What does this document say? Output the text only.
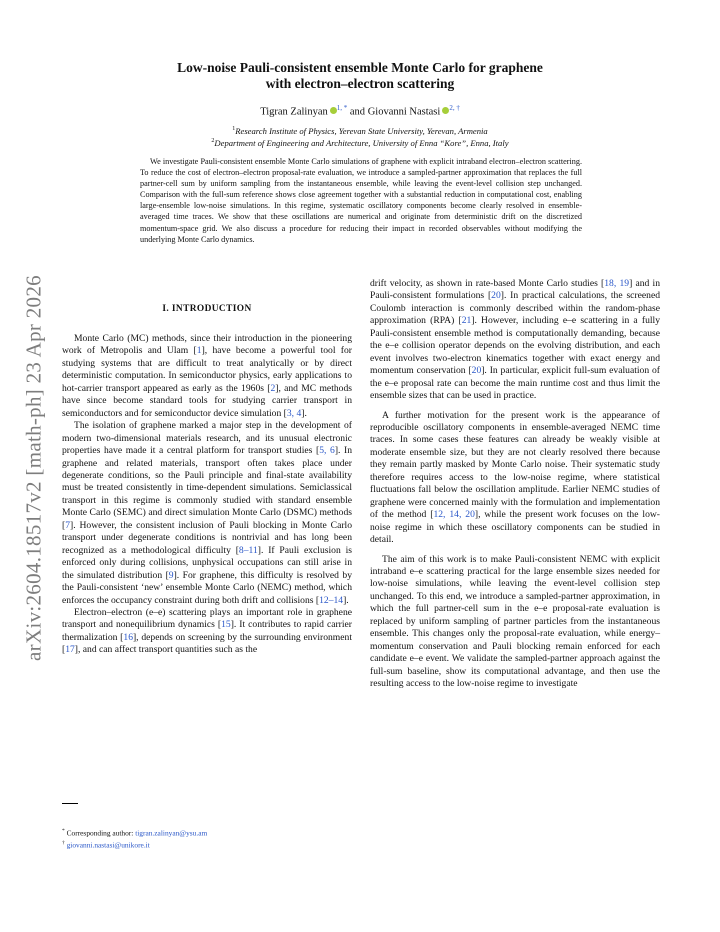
arXiv:2604.18517v2 [math-ph] 23 Apr 2026
Low-noise Pauli-consistent ensemble Monte Carlo for graphene
with electron–electron scattering
Tigran Zalinyan $^{1, *}$ and Giovanni Nastasi $^{2, \dagger}$
$^1$Research Institute of Physics, Yerevan State University, Yerevan, Armenia
$^2$Department of Engineering and Architecture, University of Enna “Kore”, Enna, Italy

We investigate Pauli-consistent ensemble Monte Carlo simulations of graphene with explicit intraband electron–electron scattering. To reduce the cost of electron–electron proposal-rate evaluation, we introduce a sampled-partner approximation that replaces the full partner-cell sum by uniform sampling from the instantaneous ensemble, while leaving the event-level collision step unchanged. Comparison with the full-sum reference shows close agreement together with a substantial reduction in computational cost, enabling large-ensemble low-noise simulations. In this regime, systematic oscillatory components become clearly resolved in ensemble-averaged time traces. We show that these oscillations are numerical and originate from deterministic drift on the discretized momentum-space grid. We also discuss a procedure for reducing their impact in recorded observables without modifying the underlying Monte Carlo dynamics.

I. INTRODUCTION

Monte Carlo (MC) methods, since their introduction in the pioneering work of Metropolis and Ulam [1], have become a powerful tool for studying systems that are difficult to treat analytically or by direct deterministic computation. In semiconductor physics, early applications to hot-carrier transport appeared as early as the 1960s [2], and MC methods have since become standard tools for studying carrier transport in semiconductors and for semiconductor device simulation [3, 4].

The isolation of graphene marked a major step in the development of modern two-dimensional materials research, and its unusual electronic properties have made it a central platform for transport studies [5, 6]. In graphene and related materials, transport often takes place under degenerate conditions, so the Pauli principle and final-state availability must be treated consistently in time-dependent simulations. Semiclassical transport in this regime is commonly studied with standard ensemble Monte Carlo (SEMC) and direct simulation Monte Carlo (DSMC) methods [7]. However, the consistent inclusion of Pauli blocking in Monte Carlo transport under degenerate conditions is nontrivial and has long been recognized as a methodological difficulty [8–11]. If Pauli exclusion is enforced only during collisions, unphysical occupations can still arise in the simulated distribution [9]. For graphene, this difficulty is resolved by the Pauli-consistent ‘new’ ensemble Monte Carlo (NEMC) method, which enforces the occupancy constraint during both drift and collisions [12–14].

Electron–electron (e–e) scattering plays an important role in graphene transport and nonequilibrium dynamics [15]. It contributes to rapid carrier thermalization [16], depends on screening by the surrounding environment [17], and can affect transport quantities such as the

drift velocity, as shown in rate-based Monte Carlo studies [18, 19] and in Pauli-consistent formulations [20]. In practical calculations, the screened Coulomb interaction is commonly described within the random-phase approximation (RPA) [21]. However, including e–e scattering in a fully Pauli-consistent ensemble method is computationally demanding, because the e–e collision operator depends on the evolving distribution, and each event involves two-electron kinematics together with exact energy and momentum conservation [20]. In particular, explicit full-sum evaluation of the e–e proposal rate can become the main runtime cost and thus limit the ensemble sizes that can be used in practice.

A further motivation for the present work is the appearance of reproducible oscillatory components in ensemble-averaged NEMC time traces. In some cases these features can already be weakly visible at moderate ensemble size, but they are not clearly resolved there because they remain partly masked by Monte Carlo noise. Their systematic study therefore requires access to the low-noise regime, where statistical fluctuations fall below the oscillation amplitude. Earlier NEMC studies of graphene were concerned mainly with the formulation and implementation of the method [12, 14, 20], while the present work focuses on the low-noise regime in which these oscillatory components can be studied in detail.

The aim of this work is to make Pauli-consistent NEMC with explicit intraband e–e scattering practical for the large ensemble sizes needed for low-noise simulations, while leaving the event-level collision step unchanged. To this end, we introduce a sampled-partner approximation, in which the full partner-cell sum in the e–e proposal-rate evaluation is replaced by uniform sampling of partner particles from the instantaneous ensemble. This changes only the proposal-rate evaluation, while energy–momentum conservation and Pauli blocking remain enforced for each candidate e–e event. We validate the sampled-partner approach against the full-sum baseline, show its computational advantage, and then use the resulting access to the low-noise regime to investigate

* Corresponding author: tigran.zalinyan@ysu.am
† giovanni.nastasi@unikore.it
